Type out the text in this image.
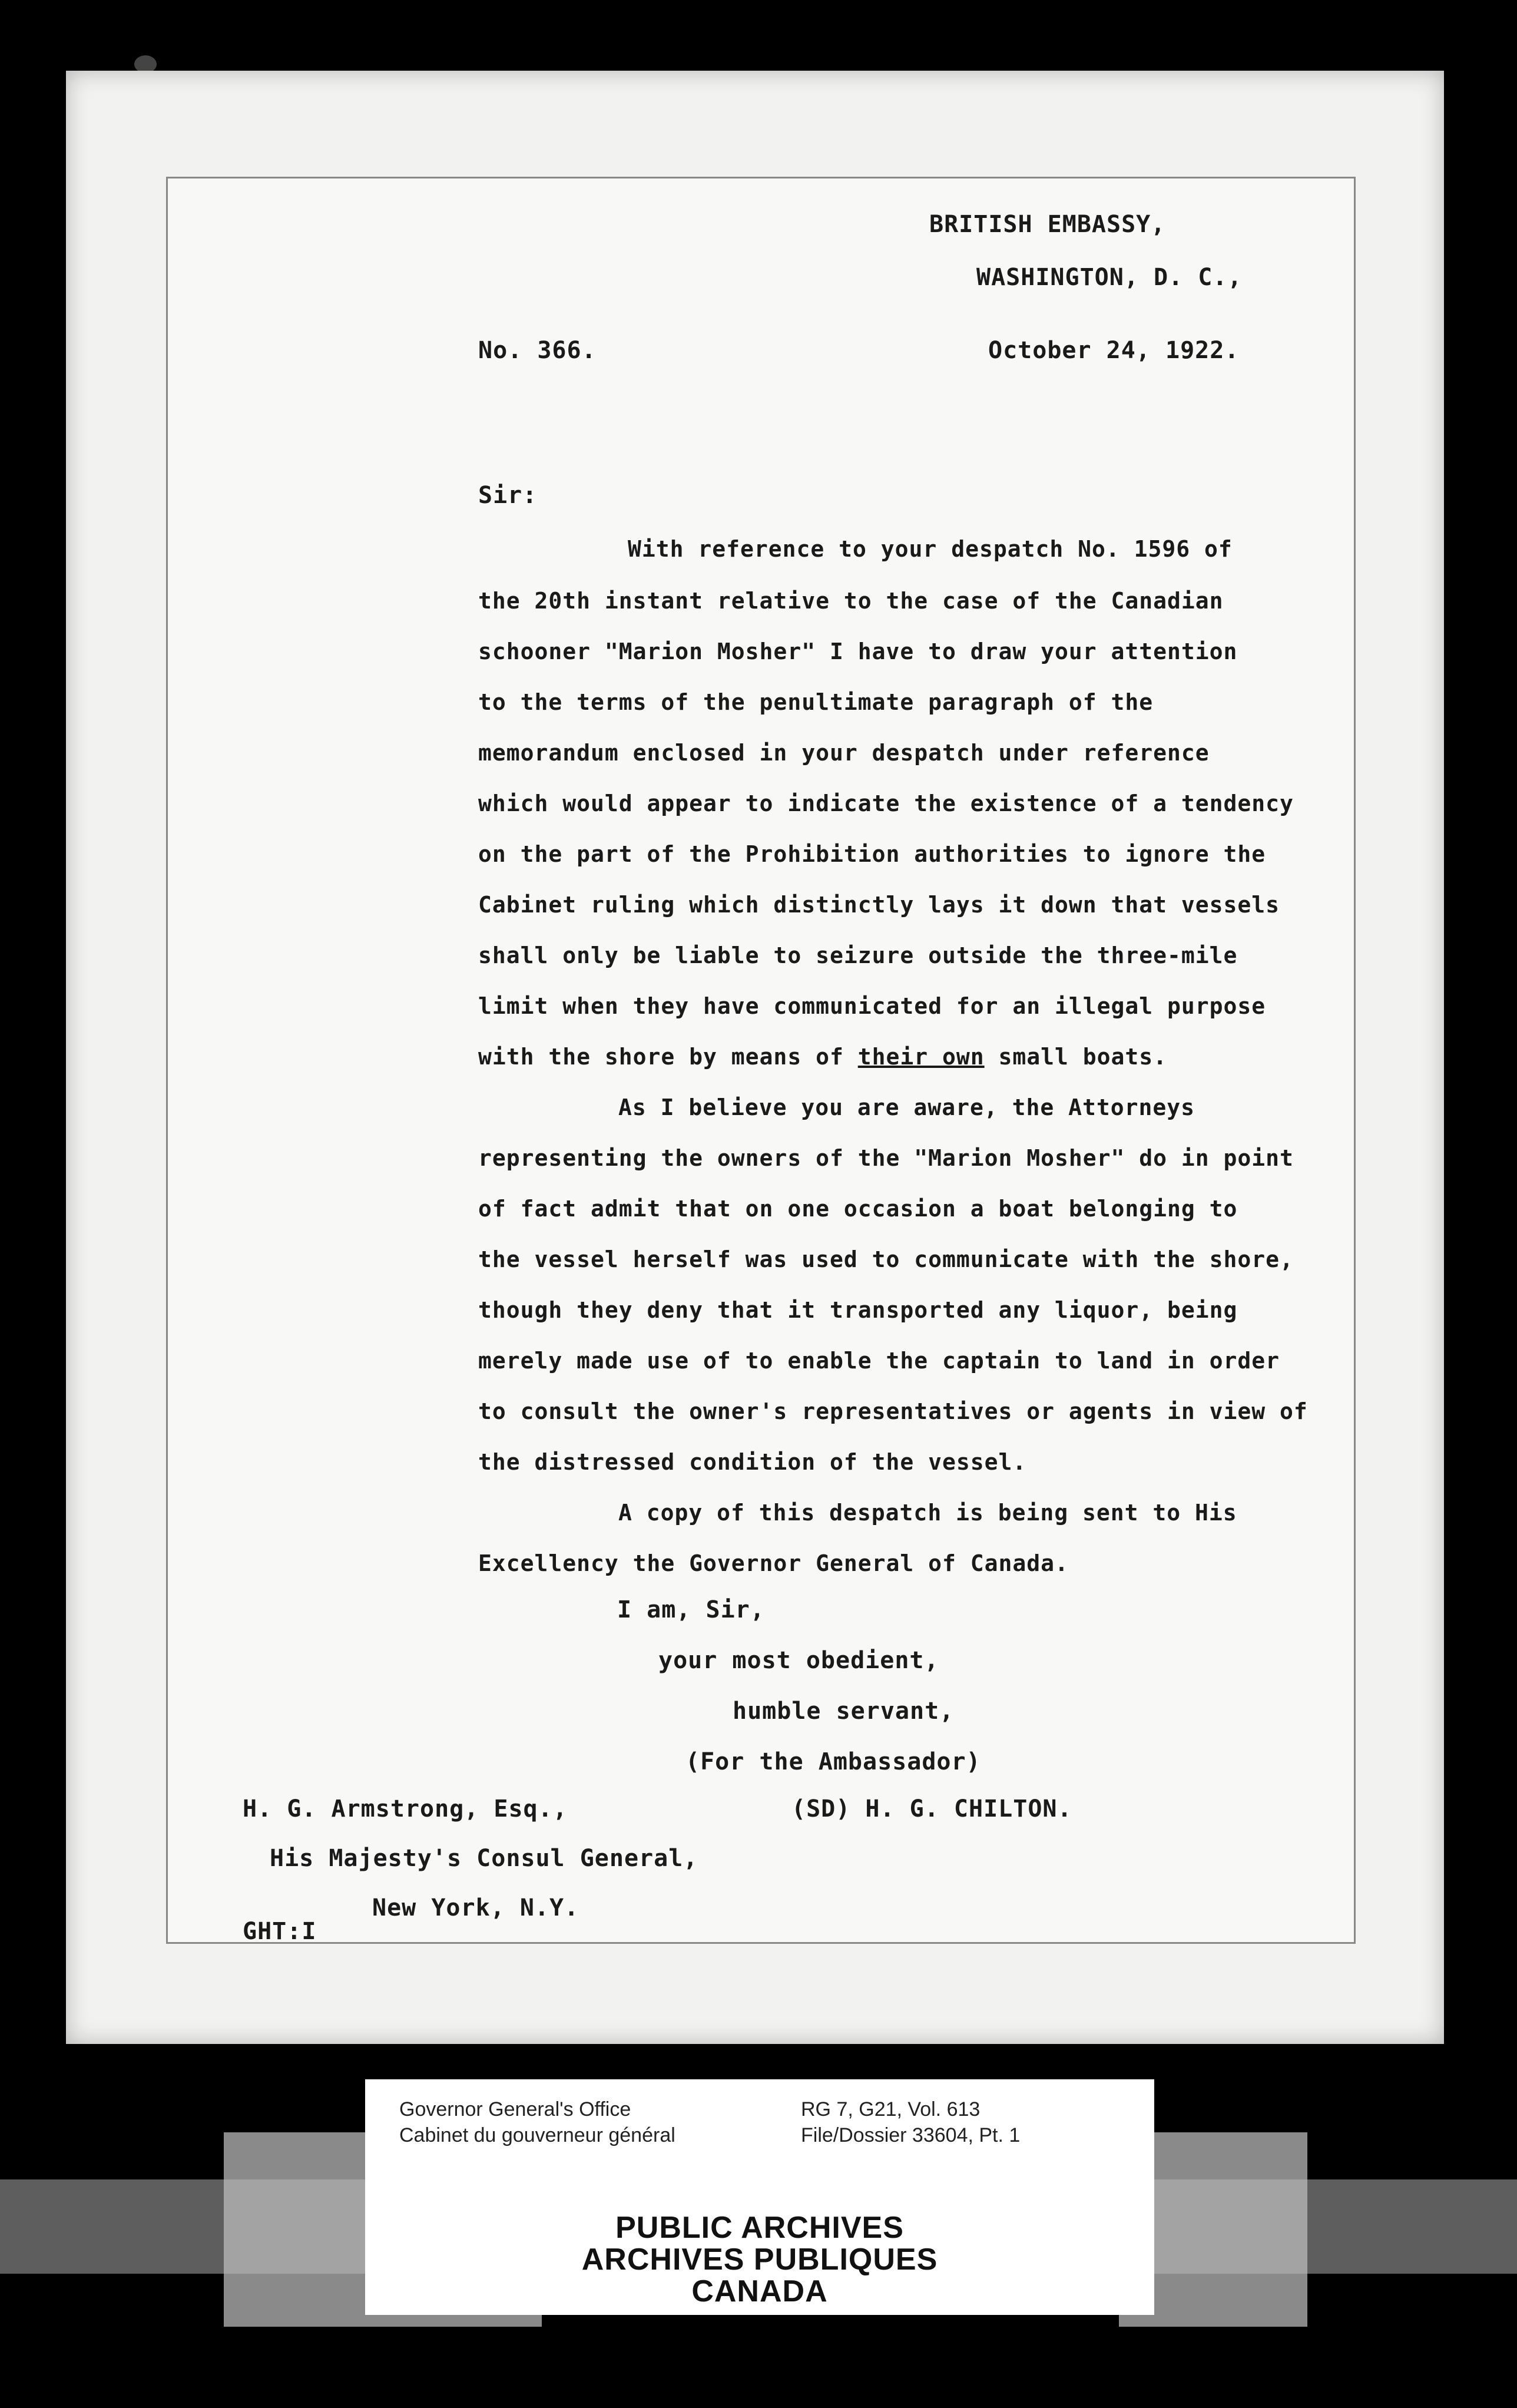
BRITISH EMBASSY,
WASHINGTON, D. C.,
No. 366.	October 24, 1922.
Sir:
With reference to your despatch No. 1596 of
the 20th instant relative to the case of the Canadian
schooner "Marion Mosher" I have to draw your attention
to the terms of the penultimate paragraph of the
memorandum enclosed in your despatch under reference
which would appear to indicate the existence of a tendency
on the part of the Prohibition authorities to ignore the
Cabinet ruling which distinctly lays it down that vessels
shall only be liable to seizure outside the three-mile
limit when they have communicated for an illegal purpose
with the shore by means of their own small boats.
As I believe you are aware, the Attorneys
representing the owners of the "Marion Mosher" do in point
of fact admit that on one occasion a boat belonging to
the vessel herself was used to communicate with the shore,
though they deny that it transported any liquor, being
merely made use of to enable the captain to land in order
to consult the owner's representatives or agents in view of
the distressed condition of the vessel.
A copy of this despatch is being sent to His
Excellency the Governor General of Canada.
I am, Sir,
your most obedient,
humble servant,
(For the Ambassador)
H. G. Armstrong, Esq.,	(SD) H. G. CHILTON.
His Majesty's Consul General,
New York, N.Y.
GHT:I
Governor General's Office
Cabinet du gouverneur général
RG 7, G21, Vol. 613
File/Dossier 33604, Pt. 1
PUBLIC ARCHIVES
ARCHIVES PUBLIQUES
CANADA
